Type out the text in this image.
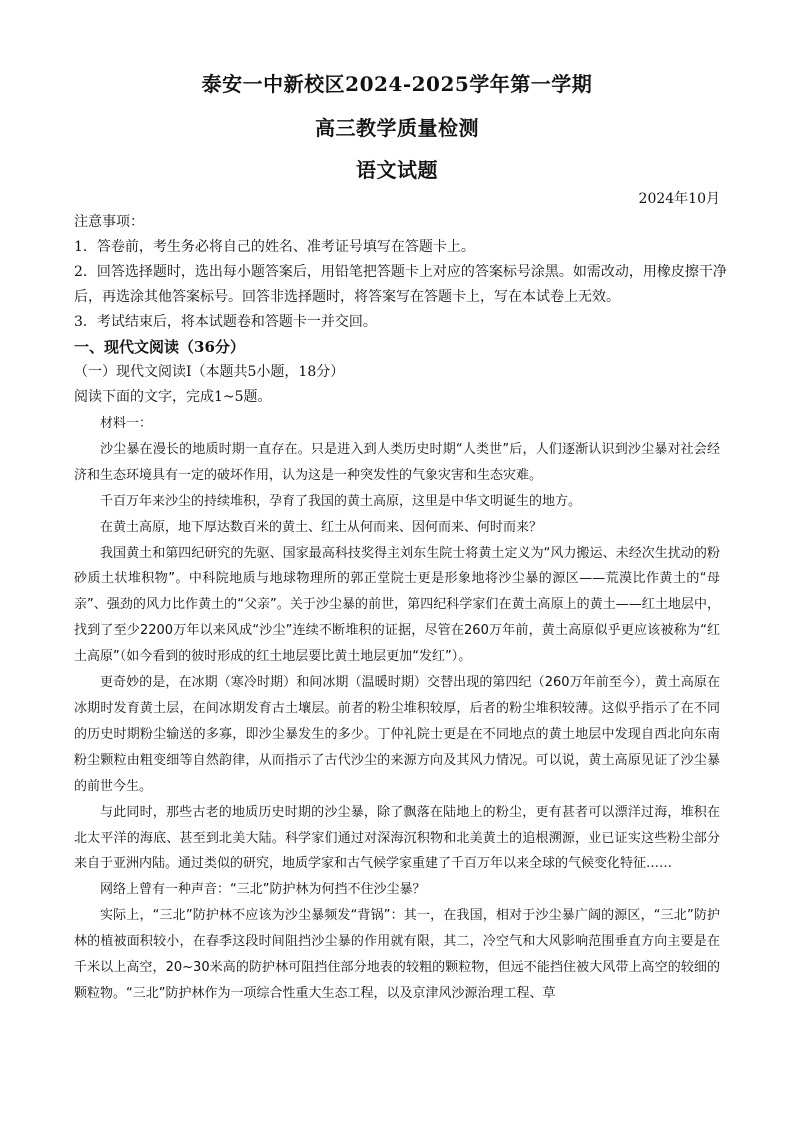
泰安一中新校区2024-2025学年第一学期
高三教学质量检测
语文试题
2024年10月

注意事项：

1．答卷前，考生务必将自己的姓名、准考证号填写在答题卡上。

2．回答选择题时，选出每小题答案后，用铅笔把答题卡上对应的答案标号涂黑。如需改动，用橡皮擦干净

后，再选涂其他答案标号。回答非选择题时，将答案写在答题卡上，写在本试卷上无效。

3．考试结束后，将本试题卷和答题卡一并交回。

一、现代文阅读（36分）
（一）现代文阅读Ⅰ（本题共5小题，18分）
阅读下面的文字，完成1~5题。

材料一：

沙尘暴在漫长的地质时期一直存在。只是进入到人类历史时期“人类世”后，人们逐渐认识到沙尘暴对社会经济和生态环境具有一定的破坏作用，认为这是一种突发性的气象灾害和生态灾难。

千百万年来沙尘的持续堆积，孕育了我国的黄土高原，这里是中华文明诞生的地方。

在黄土高原，地下厚达数百米的黄土、红土从何而来、因何而来、何时而来？

我国黄土和第四纪研究的先驱、国家最高科技奖得主刘东生院士将黄土定义为“风力搬运、未经次生扰动的粉砂质土状堆积物”。中科院地质与地球物理所的郭正堂院士更是形象地将沙尘暴的源区——荒漠比作黄土的“母亲”、强劲的风力比作黄土的“父亲”。关于沙尘暴的前世，第四纪科学家们在黄土高原上的黄土——红土地层中，找到了至少2200万年以来风成“沙尘”连续不断堆积的证据，尽管在260万年前，黄土高原似乎更应该被称为“红土高原”（如今看到的彼时形成的红土地层要比黄土地层更加“发红”）。

更奇妙的是，在冰期（寒冷时期）和间冰期（温暖时期）交替出现的第四纪（260万年前至今），黄土高原在冰期时发育黄土层，在间冰期发育古土壤层。前者的粉尘堆积较厚，后者的粉尘堆积较薄。这似乎指示了在不同的历史时期粉尘输送的多寡，即沙尘暴发生的多少。丁仲礼院士更是在不同地点的黄土地层中发现自西北向东南粉尘颗粒由粗变细等自然韵律，从而指示了古代沙尘的来源方向及其风力情况。可以说，黄土高原见证了沙尘暴的前世今生。

与此同时，那些古老的地质历史时期的沙尘暴，除了飘落在陆地上的粉尘，更有甚者可以漂洋过海，堆积在北太平洋的海底、甚至到北美大陆。科学家们通过对深海沉积物和北美黄土的追根溯源，业已证实这些粉尘部分来自于亚洲内陆。通过类似的研究，地质学家和古气候学家重建了千百万年以来全球的气候变化特征……

网络上曾有一种声音：“三北”防护林为何挡不住沙尘暴？

实际上，“三北”防护林不应该为沙尘暴频发“背锅”：其一，在我国，相对于沙尘暴广阔的源区，“三北”防护林的植被面积较小，在春季这段时间阻挡沙尘暴的作用就有限，其二，冷空气和大风影响范围垂直方向主要是在千米以上高空，20~30米高的防护林可阻挡住部分地表的较粗的颗粒物，但远不能挡住被大风带上高空的较细的颗粒物。“三北”防护林作为一项综合性重大生态工程，以及京津风沙源治理工程、草
